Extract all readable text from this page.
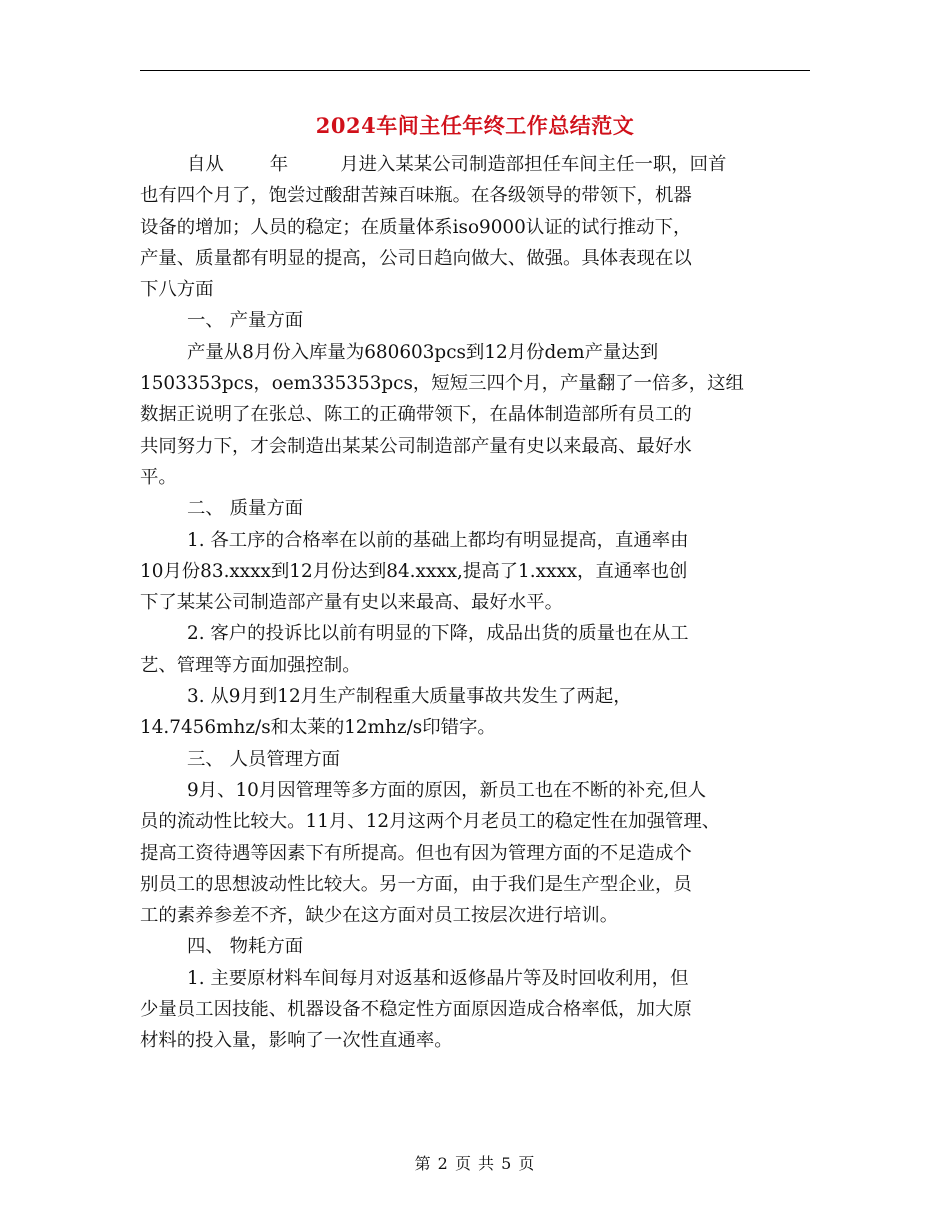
2024车间主任年终工作总结范文
自从	年	月进入某某公司制造部担任车间主任一职，回首
也有四个月了，饱尝过酸甜苦辣百味瓶。在各级领导的带领下，机器
设备的增加；人员的稳定；在质量体系iso9000认证的试行推动下，
产量、质量都有明显的提高，公司日趋向做大、做强。具体表现在以
下八方面
一、 产量方面
产量从8月份入库量为680603pcs到12月份dem产量达到
1503353pcs，oem335353pcs，短短三四个月，产量翻了一倍多，这组
数据正说明了在张总、陈工的正确带领下，在晶体制造部所有员工的
共同努力下，才会制造出某某公司制造部产量有史以来最高、最好水
平。
二、 质量方面
1. 各工序的合格率在以前的基础上都均有明显提高，直通率由
10月份83.xxxx到12月份达到84.xxxx,提高了1.xxxx，直通率也创
下了某某公司制造部产量有史以来最高、最好水平。
2. 客户的投诉比以前有明显的下降，成品出货的质量也在从工
艺、管理等方面加强控制。
3. 从9月到12月生产制程重大质量事故共发生了两起，
14.7456mhz/s和太莱的12mhz/s印错字。
三、 人员管理方面
9月、10月因管理等多方面的原因，新员工也在不断的补充,但人
员的流动性比较大。11月、12月这两个月老员工的稳定性在加强管理、
提高工资待遇等因素下有所提高。但也有因为管理方面的不足造成个
别员工的思想波动性比较大。另一方面，由于我们是生产型企业，员
工的素养参差不齐，缺少在这方面对员工按层次进行培训。
四、 物耗方面
1. 主要原材料车间每月对返基和返修晶片等及时回收利用，但
少量员工因技能、机器设备不稳定性方面原因造成合格率低，加大原
材料的投入量，影响了一次性直通率。
第 2 页 共 5 页
